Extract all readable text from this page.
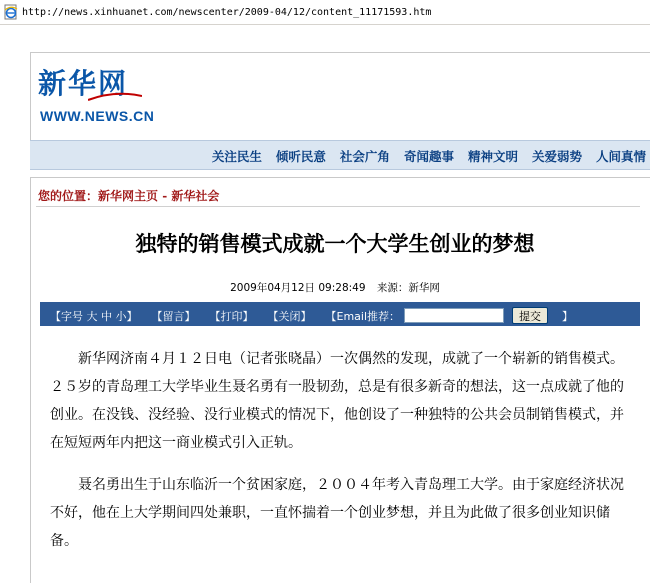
http://news.xinhuanet.com/newscenter/2009-04/12/content_11171593.htm
新华网
WWW.NEWS.CN
关注民生 倾听民意 社会广角 奇闻趣事 精神文明 关爱弱势 人间真情
您的位置：新华网主页 - 新华社会
独特的销售模式成就一个大学生创业的梦想
2009年04月12日 09:28:49 来源：新华网
【字号 大 中 小】 【留言】 【打印】 【关闭】 【Email推荐：	提交	】

新华网济南４月１２日电（记者张晓晶）一次偶然的发现，成就了一个崭新的销售模式。２５岁的青岛理工大学毕业生聂名勇有一股韧劲，总是有很多新奇的想法，这一点成就了他的创业。在没钱、没经验、没行业模式的情况下，他创设了一种独特的公共会员制销售模式，并在短短两年内把这一商业模式引入正轨。

聂名勇出生于山东临沂一个贫困家庭，２００４年考入青岛理工大学。由于家庭经济状况不好，他在上大学期间四处兼职，一直怀揣着一个创业梦想，并且为此做了很多创业知识储备。
